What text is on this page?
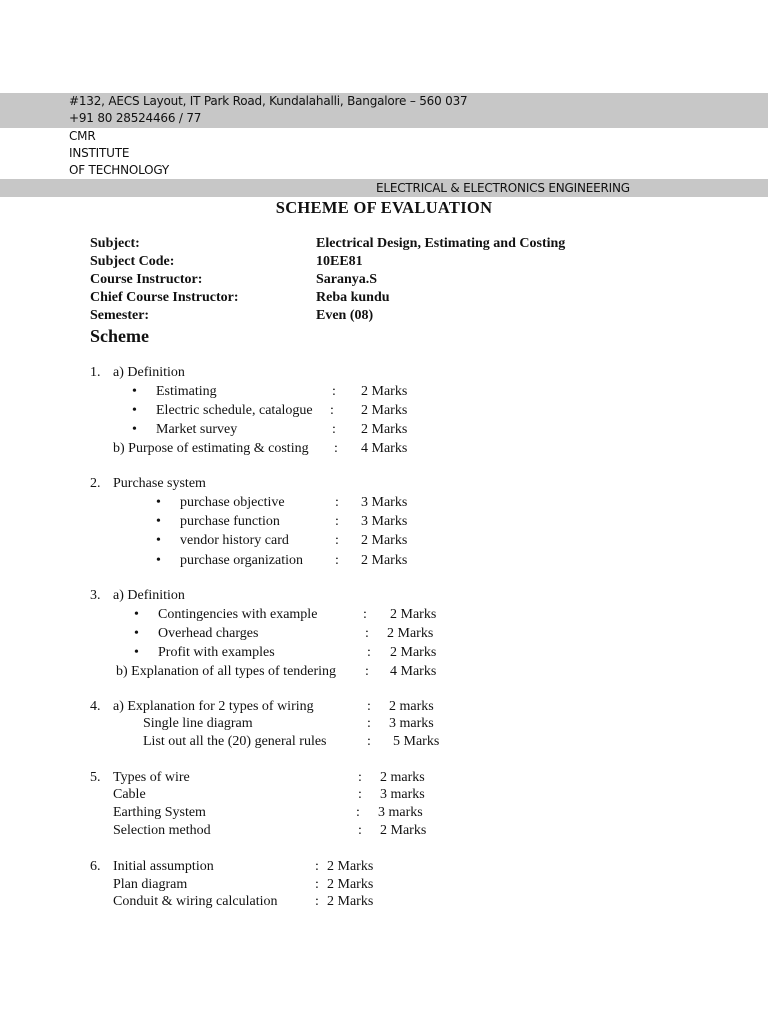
#132, AECS Layout, IT Park Road, Kundalahalli, Bangalore – 560 037
+91 80 28524466 / 77
CMR
INSTITUTE
OF TECHNOLOGY
ELECTRICAL & ELECTRONICS ENGINEERING
SCHEME OF EVALUATION
Subject:	Electrical Design, Estimating and Costing
Subject Code:	10EE81
Course Instructor:	Saranya.S
Chief Course Instructor:	Reba kundu
Semester:	Even (08)
Scheme
1. a) Definition
• Estimating	: 2 Marks
• Electric schedule, catalogue : 2 Marks
• Market survey	: 2 Marks
b) Purpose of estimating & costing : 4 Marks
2. Purchase system
• purchase objective	: 3 Marks
• purchase function	: 3 Marks
• vendor history card	: 2 Marks
• purchase organization : 2 Marks
3. a) Definition
• Contingencies with example	: 2 Marks
• Overhead charges	: 2 Marks
• Profit with examples	: 2 Marks
b) Explanation of all types of tendering : 4 Marks
4. a) Explanation for 2 types of wiring	: 2 marks
Single line diagram	: 3 marks
List out all the (20) general rules	: 5 Marks
5. Types of wire	: 2 marks
Cable	: 3 marks
Earthing System	: 3 marks
Selection method	: 2 Marks
6. Initial assumption	: 2 Marks
Plan diagram	: 2 Marks
Conduit & wiring calculation	: 2 Marks
